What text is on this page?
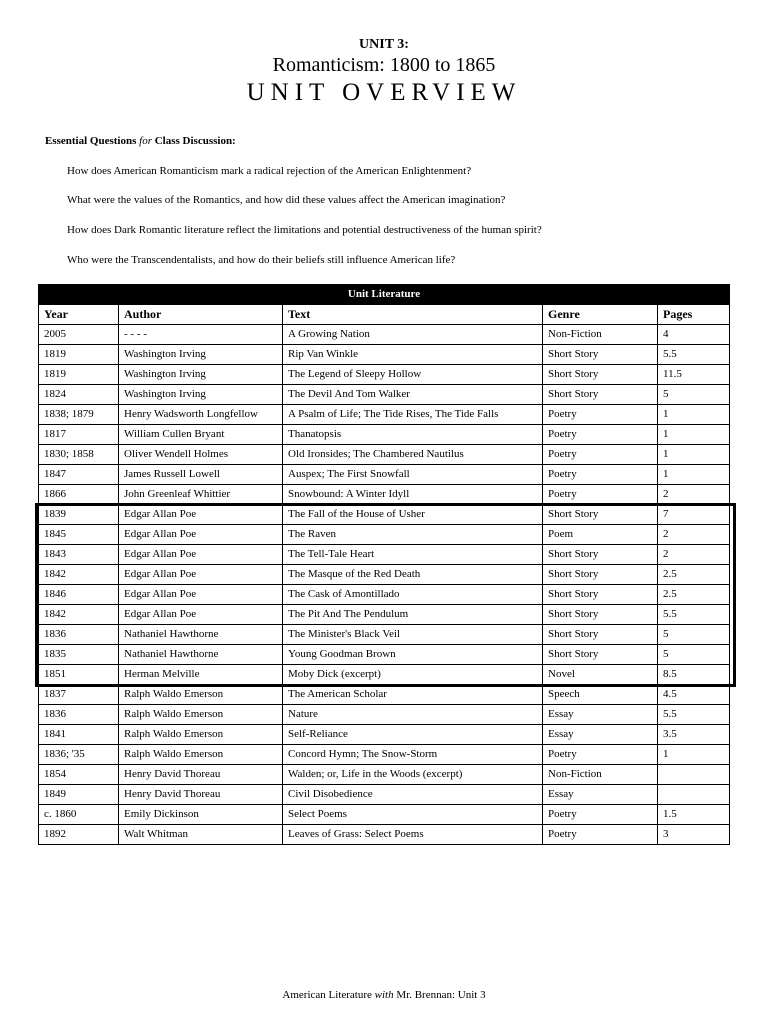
UNIT 3:
Romanticism: 1800 to 1865
UNIT OVERVIEW
Essential Questions for Class Discussion:
How does American Romanticism mark a radical rejection of the American Enlightenment?
What were the values of the Romantics, and how did these values affect the American imagination?
How does Dark Romantic literature reflect the limitations and potential destructiveness of the human spirit?
Who were the Transcendentalists, and how do their beliefs still influence American life?
Unit Literature				
Year	Author	Text	Genre	Pages
2005	- - - -	A Growing Nation	Non-Fiction	4
1819	Washington Irving	Rip Van Winkle	Short Story	5.5
1819	Washington Irving	The Legend of Sleepy Hollow	Short Story	11.5
1824	Washington Irving	The Devil And Tom Walker	Short Story	5
1838; 1879	Henry Wadsworth Longfellow	A Psalm of Life; The Tide Rises, The Tide Falls	Poetry	1
1817	William Cullen Bryant	Thanatopsis	Poetry	1
1830; 1858	Oliver Wendell Holmes	Old Ironsides; The Chambered Nautilus	Poetry	1
1847	James Russell Lowell	Auspex; The First Snowfall	Poetry	1
1866	John Greenleaf Whittier	Snowbound: A Winter Idyll	Poetry	2
1839	Edgar Allan Poe	The Fall of the House of Usher	Short Story	7
1845	Edgar Allan Poe	The Raven	Poem	2
1843	Edgar Allan Poe	The Tell-Tale Heart	Short Story	2
1842	Edgar Allan Poe	The Masque of the Red Death	Short Story	2.5
1846	Edgar Allan Poe	The Cask of Amontillado	Short Story	2.5
1842	Edgar Allan Poe	The Pit And The Pendulum	Short Story	5.5
1836	Nathaniel Hawthorne	The Minister's Black Veil	Short Story	5
1835	Nathaniel Hawthorne	Young Goodman Brown	Short Story	5
1851	Herman Melville	Moby Dick (excerpt)	Novel	8.5
1837	Ralph Waldo Emerson	The American Scholar	Speech	4.5
1836	Ralph Waldo Emerson	Nature	Essay	5.5
1841	Ralph Waldo Emerson	Self-Reliance	Essay	3.5
1836; '35	Ralph Waldo Emerson	Concord Hymn; The Snow-Storm	Poetry	1
1854	Henry David Thoreau	Walden; or, Life in the Woods (excerpt)	Non-Fiction	
1849	Henry David Thoreau	Civil Disobedience	Essay	
c. 1860	Emily Dickinson	Select Poems	Poetry	1.5
1892	Walt Whitman	Leaves of Grass: Select Poems	Poetry	3
American Literature with Mr. Brennan: Unit 3
